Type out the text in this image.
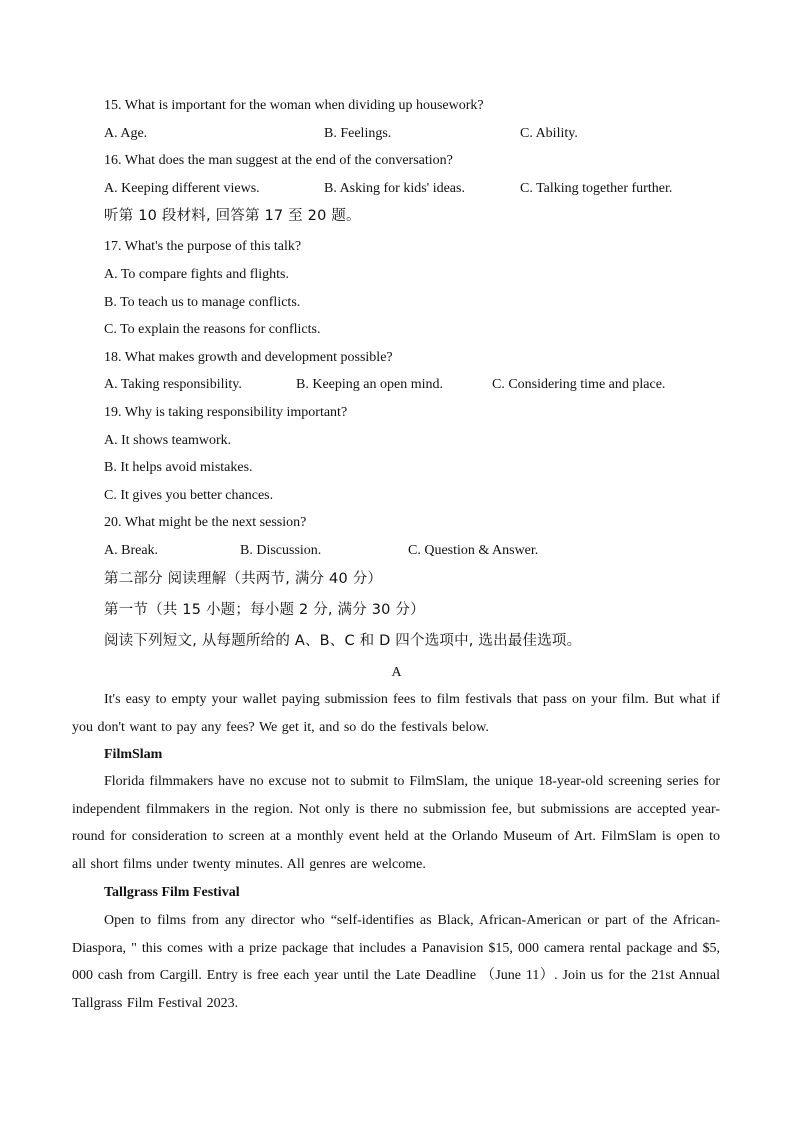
15. What is important for the woman when dividing up housework?
A. Age.	B. Feelings.	C. Ability.
16. What does the man suggest at the end of the conversation?
A. Keeping different views.	B. Asking for kids' ideas.	C. Talking together further.
听第 10 段材料, 回答第 17 至 20 题。
17. What's the purpose of this talk?
A. To compare fights and flights.
B. To teach us to manage conflicts.
C. To explain the reasons for conflicts.
18. What makes growth and development possible?
A. Taking responsibility.	B. Keeping an open mind.	C. Considering time and place.
19. Why is taking responsibility important?
A. It shows teamwork.
B. It helps avoid mistakes.
C. It gives you better chances.
20. What might be the next session?
A. Break.	B. Discussion.	C. Question & Answer.
第二部分 阅读理解（共两节, 满分 40 分）
第一节（共 15 小题；每小题 2 分, 满分 30 分）
阅读下列短文, 从每题所给的 A、B、C 和 D 四个选项中, 选出最佳选项。
A
It's easy to empty your wallet paying submission fees to film festivals that pass on your film. But what if you don't want to pay any fees? We get it, and so do the festivals below.
FilmSlam
Florida filmmakers have no excuse not to submit to FilmSlam, the unique 18-year-old screening series for independent filmmakers in the region. Not only is there no submission fee, but submissions are accepted year-round for consideration to screen at a monthly event held at the Orlando Museum of Art. FilmSlam is open to all short films under twenty minutes. All genres are welcome.
Tallgrass Film Festival
Open to films from any director who “self-identifies as Black, African-American or part of the African-Diaspora, " this comes with a prize package that includes a Panavision $15, 000 camera rental package and $5, 000 cash from Cargill. Entry is free each year until the Late Deadline （June 11）. Join us for the 21st Annual Tallgrass Film Festival 2023.
